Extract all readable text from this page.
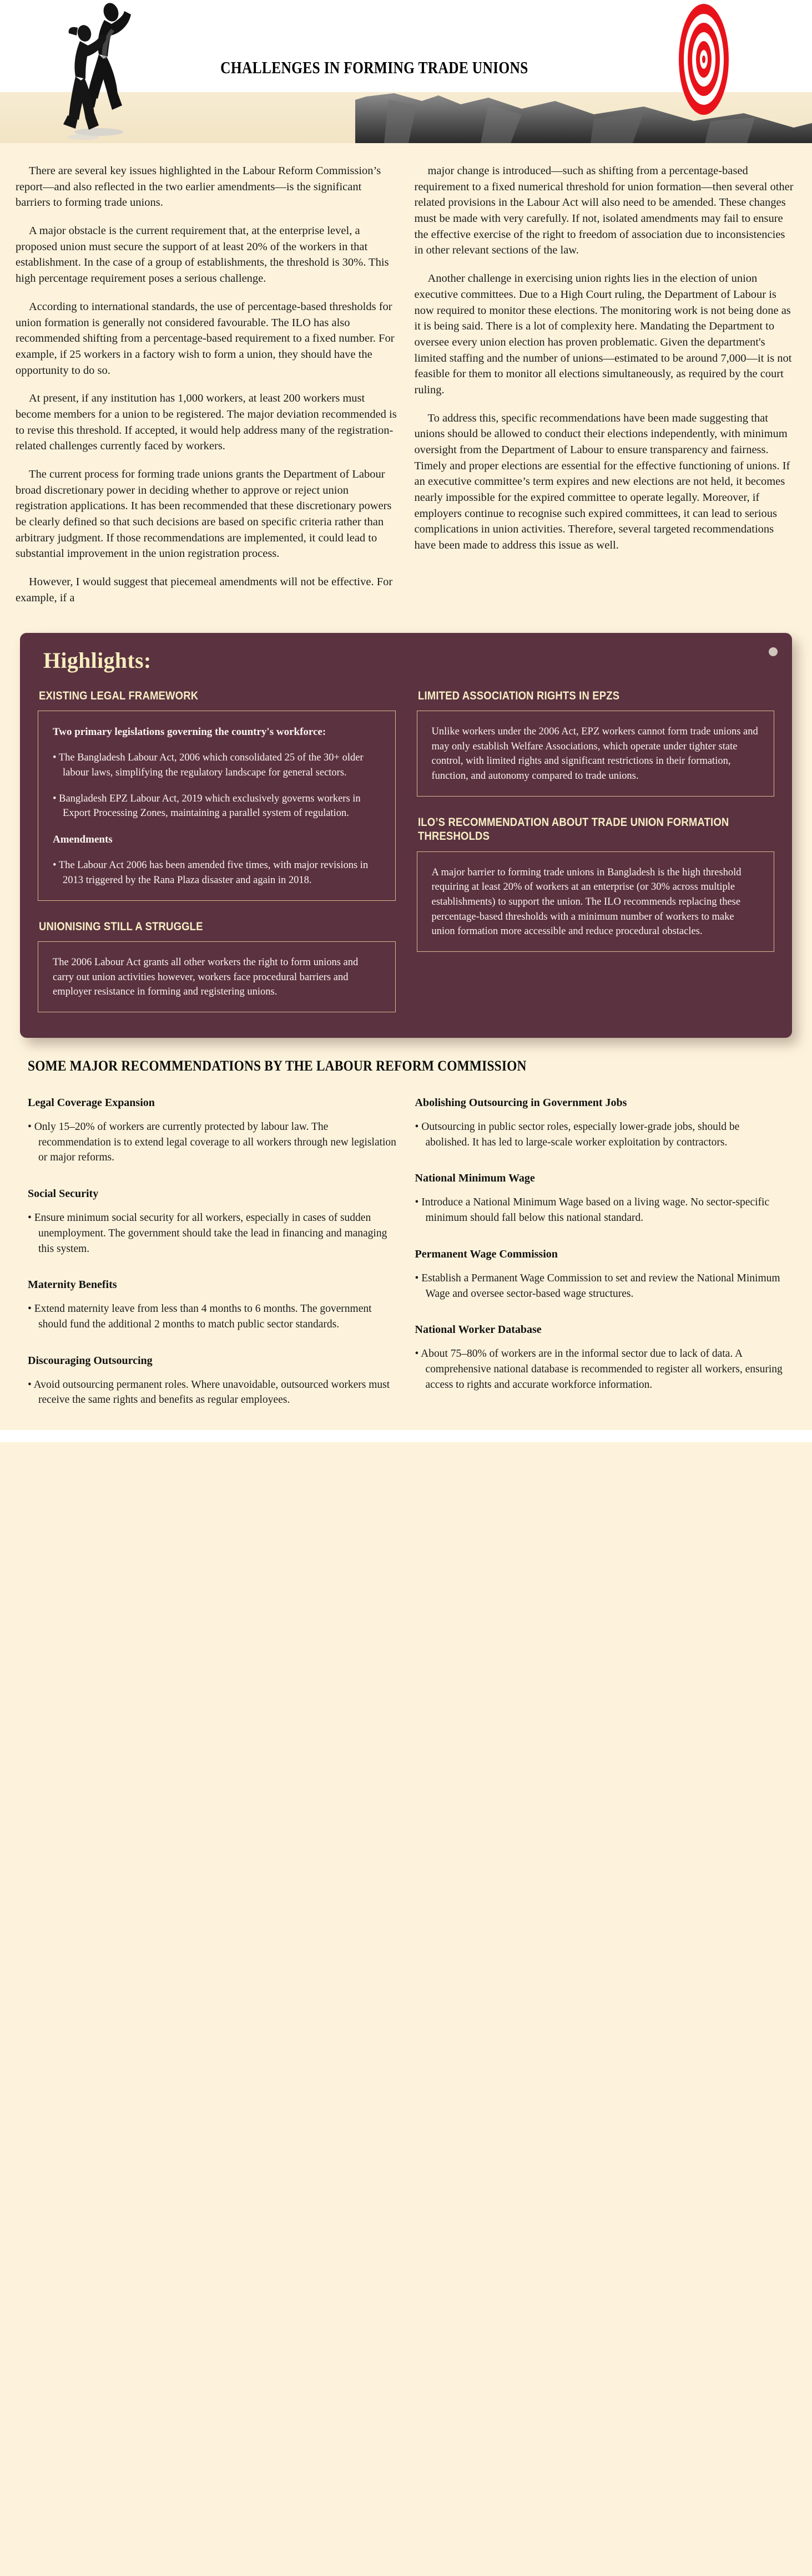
CHALLENGES IN FORMING TRADE UNIONS

There are several key issues highlighted in the Labour Reform Commission’s report—and also reflected in the two earlier amendments—is the significant barriers to forming trade unions.

A major obstacle is the current requirement that, at the enterprise level, a proposed union must secure the support of at least 20% of the workers in that establishment. In the case of a group of establishments, the threshold is 30%. This high percentage requirement poses a serious challenge.

According to international standards, the use of percentage-based thresholds for union formation is generally not considered favourable. The ILO has also recommended shifting from a percentage-based requirement to a fixed number. For example, if 25 workers in a factory wish to form a union, they should have the opportunity to do so.

At present, if any institution has 1,000 workers, at least 200 workers must become members for a union to be registered. The major deviation recommended is to revise this threshold. If accepted, it would help address many of the registration-related challenges currently faced by workers.

The current process for forming trade unions grants the Department of Labour broad discretionary power in deciding whether to approve or reject union registration applications. It has been recommended that these discretionary powers be clearly defined so that such decisions are based on specific criteria rather than arbitrary judgment. If those recommendations are implemented, it could lead to substantial improvement in the union registration process.

However, I would suggest that piecemeal amendments will not be effective. For example, if a

major change is introduced—such as shifting from a percentage-based requirement to a fixed numerical threshold for union formation—then several other related provisions in the Labour Act will also need to be amended. These changes must be made with very carefully. If not, isolated amendments may fail to ensure the effective exercise of the right to freedom of association due to inconsistencies in other relevant sections of the law.

Another challenge in exercising union rights lies in the election of union executive committees. Due to a High Court ruling, the Department of Labour is now required to monitor these elections. The monitoring work is not being done as it is being said. There is a lot of complexity here. Mandating the Department to oversee every union election has proven problematic. Given the department's limited staffing and the number of unions—estimated to be around 7,000—it is not feasible for them to monitor all elections simultaneously, as required by the court ruling.

To address this, specific recommendations have been made suggesting that unions should be allowed to conduct their elections independently, with minimum oversight from the Department of Labour to ensure transparency and fairness. Timely and proper elections are essential for the effective functioning of unions. If an executive committee’s term expires and new elections are not held, it becomes nearly impossible for the expired committee to operate legally. Moreover, if employers continue to recognise such expired committees, it can lead to serious complications in union activities. Therefore, several targeted recommendations have been made to address this issue as well.

Highlights:
EXISTING LEGAL FRAMEWORK

Two primary legislations governing the country's workforce:

• The Bangladesh Labour Act, 2006 which consolidated 25 of the 30+ older labour laws, simplifying the regulatory landscape for general sectors.

• Bangladesh EPZ Labour Act, 2019 which exclusively governs workers in Export Processing Zones, maintaining a parallel system of regulation.

Amendments

• The Labour Act 2006 has been amended five times, with major revisions in 2013 triggered by the Rana Plaza disaster and again in 2018.

UNIONISING STILL A STRUGGLE

The 2006 Labour Act grants all other workers the right to form unions and carry out union activities however, workers face procedural barriers and employer resistance in forming and registering unions.

LIMITED ASSOCIATION RIGHTS IN EPZS

Unlike workers under the 2006 Act, EPZ workers cannot form trade unions and may only establish Welfare Associations, which operate under tighter state control, with limited rights and significant restrictions in their formation, function, and autonomy compared to trade unions.

ILO’S RECOMMENDATION ABOUT TRADE UNION FORMATION THRESHOLDS

A major barrier to forming trade unions in Bangladesh is the high threshold requiring at least 20% of workers at an enterprise (or 30% across multiple establishments) to support the union. The ILO recommends replacing these percentage-based thresholds with a minimum number of workers to make union formation more accessible and reduce procedural obstacles.

SOME MAJOR RECOMMENDATIONS BY THE LABOUR REFORM COMMISSION
Legal Coverage Expansion

• Only 15–20% of workers are currently protected by labour law. The recommendation is to extend legal coverage to all workers through new legislation or major reforms.

Social Security

• Ensure minimum social security for all workers, especially in cases of sudden unemployment. The government should take the lead in financing and managing this system.

Maternity Benefits

• Extend maternity leave from less than 4 months to 6 months. The government should fund the additional 2 months to match public sector standards.

Discouraging Outsourcing

• Avoid outsourcing permanent roles. Where unavoidable, outsourced workers must receive the same rights and benefits as regular employees.

Abolishing Outsourcing in Government Jobs

• Outsourcing in public sector roles, especially lower-grade jobs, should be abolished. It has led to large-scale worker exploitation by contractors.

National Minimum Wage

• Introduce a National Minimum Wage based on a living wage. No sector-specific minimum should fall below this national standard.

Permanent Wage Commission

• Establish a Permanent Wage Commission to set and review the National Minimum Wage and oversee sector-based wage structures.

National Worker Database

• About 75–80% of workers are in the informal sector due to lack of data. A comprehensive national database is recommended to register all workers, ensuring access to rights and accurate workforce information.
